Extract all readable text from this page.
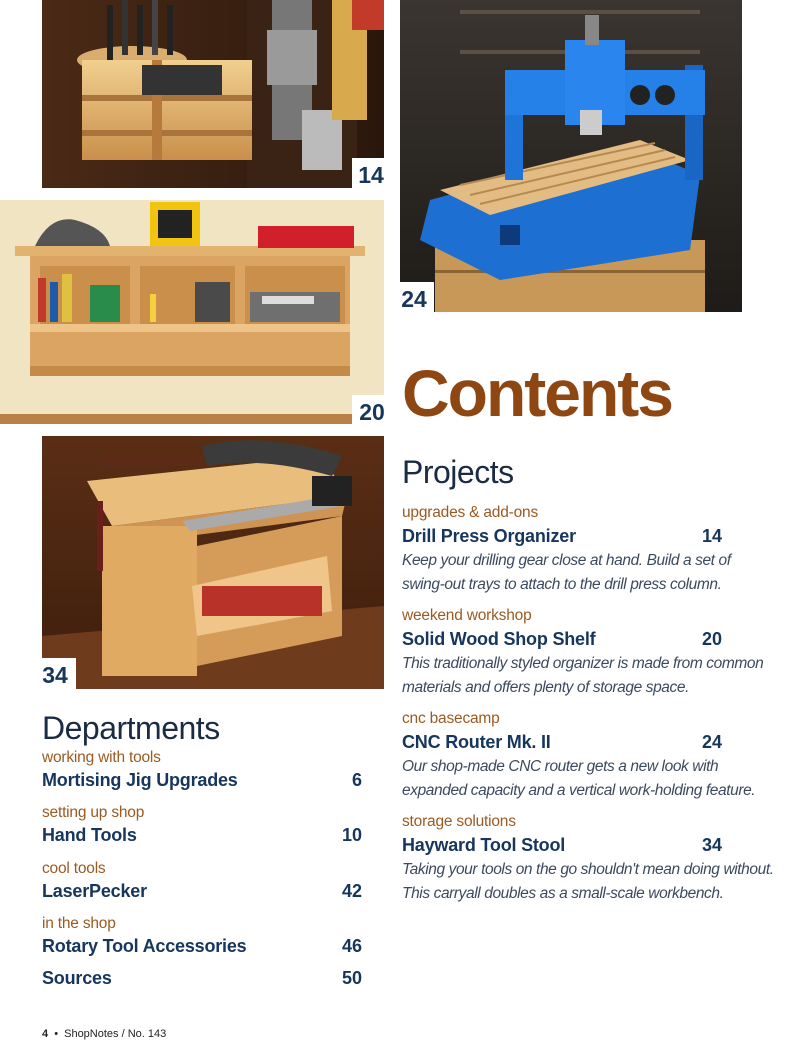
14
24
20
34
Contents
Projects
upgrades & add-ons
Drill Press Organizer	14
Keep your drilling gear close at hand. Build a set of
swing-out trays to attach to the drill press column.
weekend workshop
Solid Wood Shop Shelf	20
This traditionally styled organizer is made from common
materials and offers plenty of storage space.
cnc basecamp
CNC Router Mk. II	24
Our shop-made CNC router gets a new look with
expanded capacity and a vertical work-holding feature.
storage solutions
Hayward Tool Stool	34
Taking your tools on the go shouldn't mean doing without.
This carryall doubles as a small-scale workbench.
Departments
working with tools
Mortising Jig Upgrades	6
setting up shop
Hand Tools	10
cool tools
LaserPecker	42
in the shop
Rotary Tool Accessories	46
Sources	50
4 • ShopNotes / No. 143
